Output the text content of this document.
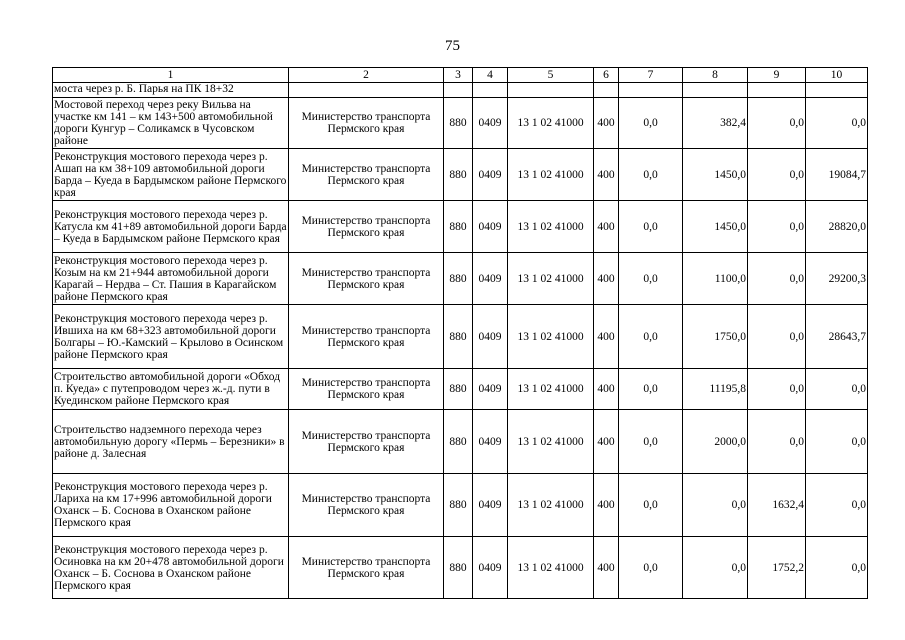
75
1	2	3	4	5	6	7	8	9	10
моста через р. Б. Парья на ПК 18+32									
Мостовой переход через реку Вильва на участке км 141 – км 143+500 автомобильной дороги Кунгур – Соликамск в Чусовском районе	Министерство транспорта Пермского края	880	0409	13 1 02 41000	400	0,0	382,4	0,0	0,0
Реконструкция мостового перехода через р. Ашап на км 38+109 автомобильной дороги Барда – Куеда в Бардымском районе Пермского края	Министерство транспорта Пермского края	880	0409	13 1 02 41000	400	0,0	1450,0	0,0	19084,7
Реконструкция мостового перехода через р. Катусла км 41+89 автомобильной дороги Барда – Куеда в Бардымском районе Пермского края	Министерство транспорта Пермского края	880	0409	13 1 02 41000	400	0,0	1450,0	0,0	28820,0
Реконструкция мостового перехода через р. Козым на км 21+944 автомобильной дороги Карагай – Нердва – Ст. Пашия в Карагайском районе Пермского края	Министерство транспорта Пермского края	880	0409	13 1 02 41000	400	0,0	1100,0	0,0	29200,3
Реконструкция мостового перехода через р. Ившиха на км 68+323 автомобильной дороги Болгары – Ю.-Камский – Крылово в Осинском районе Пермского края	Министерство транспорта Пермского края	880	0409	13 1 02 41000	400	0,0	1750,0	0,0	28643,7
Строительство автомобильной дороги «Обход п. Куеда» с путепроводом через ж.-д. пути в Куединском районе Пермского края	Министерство транспорта Пермского края	880	0409	13 1 02 41000	400	0,0	11195,8	0,0	0,0
Строительство надземного перехода через автомобильную дорогу «Пермь – Березники» в районе д. Залесная	Министерство транспорта Пермского края	880	0409	13 1 02 41000	400	0,0	2000,0	0,0	0,0
Реконструкция мостового перехода через р. Лариха на км 17+996 автомобильной дороги Оханск – Б. Соснова в Оханском районе Пермского края	Министерство транспорта Пермского края	880	0409	13 1 02 41000	400	0,0	0,0	1632,4	0,0
Реконструкция мостового перехода через р. Осиновка на км 20+478 автомобильной дороги Оханск – Б. Соснова в Оханском районе Пермского края	Министерство транспорта Пермского края	880	0409	13 1 02 41000	400	0,0	0,0	1752,2	0,0
